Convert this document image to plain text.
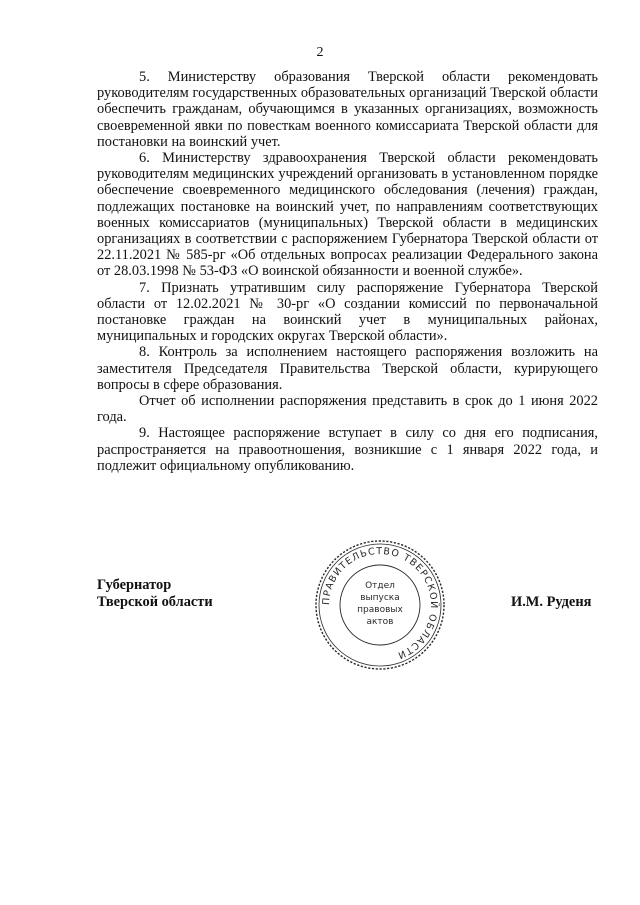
2

5. Министерству образования Тверской области рекомендовать руководителям государственных образовательных организаций Тверской области обеспечить гражданам, обучающимся в указанных организациях, возможность своевременной явки по повесткам военного комиссариата Тверской области для постановки на воинский учет.

6. Министерству здравоохранения Тверской области рекомендовать руководителям медицинских учреждений организовать в установленном порядке обеспечение своевременного медицинского обследования (лечения) граждан, подлежащих постановке на воинский учет, по направлениям соответствующих военных комиссариатов (муниципальных) Тверской области в медицинских организациях в соответствии с распоряжением Губернатора Тверской области от 22.11.2021 № 585-рг «Об отдельных вопросах реализации Федерального закона от 28.03.1998 № 53-ФЗ «О воинской обязанности и военной службе».

7. Признать утратившим силу распоряжение Губернатора Тверской области от 12.02.2021 № 30-рг «О создании комиссий по первоначальной постановке граждан на воинский учет в муниципальных районах, муниципальных и городских округах Тверской области».

8. Контроль за исполнением настоящего распоряжения возложить на заместителя Председателя Правительства Тверской области, курирующего вопросы в сфере образования.

Отчет об исполнении распоряжения представить в срок до 1 июня 2022 года.

9. Настоящее распоряжение вступает в силу со дня его подписания, распространяется на правоотношения, возникшие с 1 января 2022 года, и подлежит официальному опубликованию.

Губернатор
Тверской области	И.М. Руденя
ПРАВИТЕЛЬСТВО ТВЕРСКОЙ ОБЛАСТИ
Отдел
выпуска
правовых
актов
